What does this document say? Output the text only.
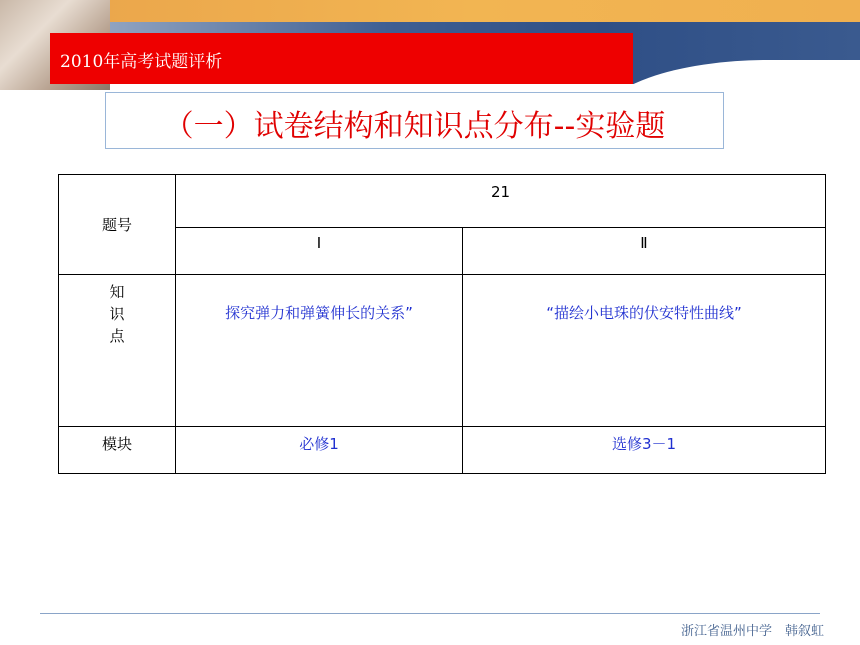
2010年高考试题评析
（一）试卷结构和知识点分布--实验题
题号	21	
	Ⅰ	Ⅱ

知
识
点	探究弹力和弹簧伸长的关系”	“描绘小电珠的伏安特性曲线”
模块	必修1	选修3－1
浙江省温州中学　韩叙虹
